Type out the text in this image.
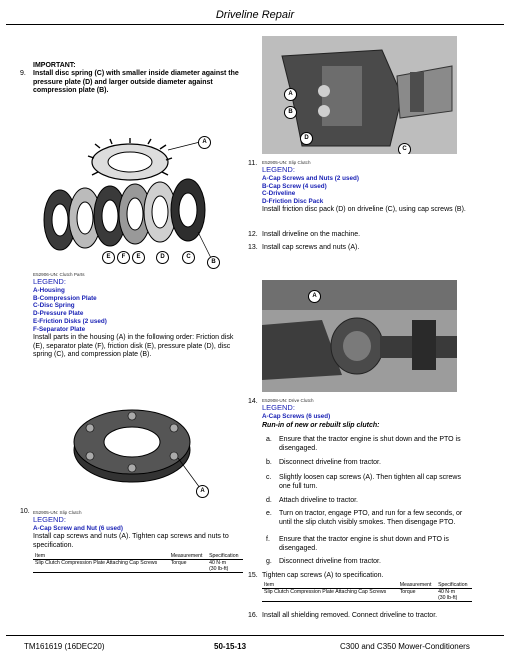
Driveline Repair
9.
IMPORTANT:
Install disc spring (C) with smaller inside diameter against the pressure plate (D) and larger outside diameter against compression plate (B).
A
B
C
D
E
F
E
E52906-UN: Clutch Parts
LEGEND:
A-Housing
B-Compression Plate
C-Disc Spring
D-Pressure Plate
E-Friction Disks (2 used)
F-Separator Plate
Install parts in the housing (A) in the following order: Friction disk (E), separator plate (F), friction disk (E), pressure plate (D), disc spring (C), and compression plate (B).
A
10. E52905-UN: Slip Clutch
LEGEND:
A-Cap Screw and Nut (6 used)
Install cap screws and nuts (A). Tighten cap screws and nuts to specification.
Item	Measurement	Specification
Slip Clutch Compression Plate Attaching Cap Screws	Torque	40 N·m
(30 lb-ft)
A
B
C
D
11. E52905-UN: Slip Clutch
LEGEND:
A-Cap Screws and Nuts (2 used)
B-Cap Screw (4 used)
C-Driveline
D-Friction Disc Pack
Install friction disc pack (D) on driveline (C), using cap screws (B).
12. Install driveline on the machine.
13. Install cap screws and nuts (A).
A
14. E52908-UN: Drive Clutch
LEGEND:
A-Cap Screws (6 used)
Run-in of new or rebuilt slip clutch:
a. Ensure that the tractor engine is shut down and the PTO is disengaged.
b. Disconnect driveline from tractor.
c. Slightly loosen cap screws (A). Then tighten all cap screws one full turn.
d. Attach driveline to tractor.
e. Turn on tractor, engage PTO, and run for a few seconds, or until the slip clutch visibly smokes. Then disengage PTO.
f. Ensure that the tractor engine is shut down and PTO is disengaged.
g. Disconnect driveline from tractor.
15. Tighten cap screws (A) to specification.
Item	Measurement	Specification
Slip Clutch Compression Plate Attaching Cap Screws	Torque	40 N·m
(30 lb-ft)
16. Install all shielding removed. Connect driveline to tractor.
TM161619 (16DEC20)	50-15-13	C300 and C350 Mower-Conditioners
